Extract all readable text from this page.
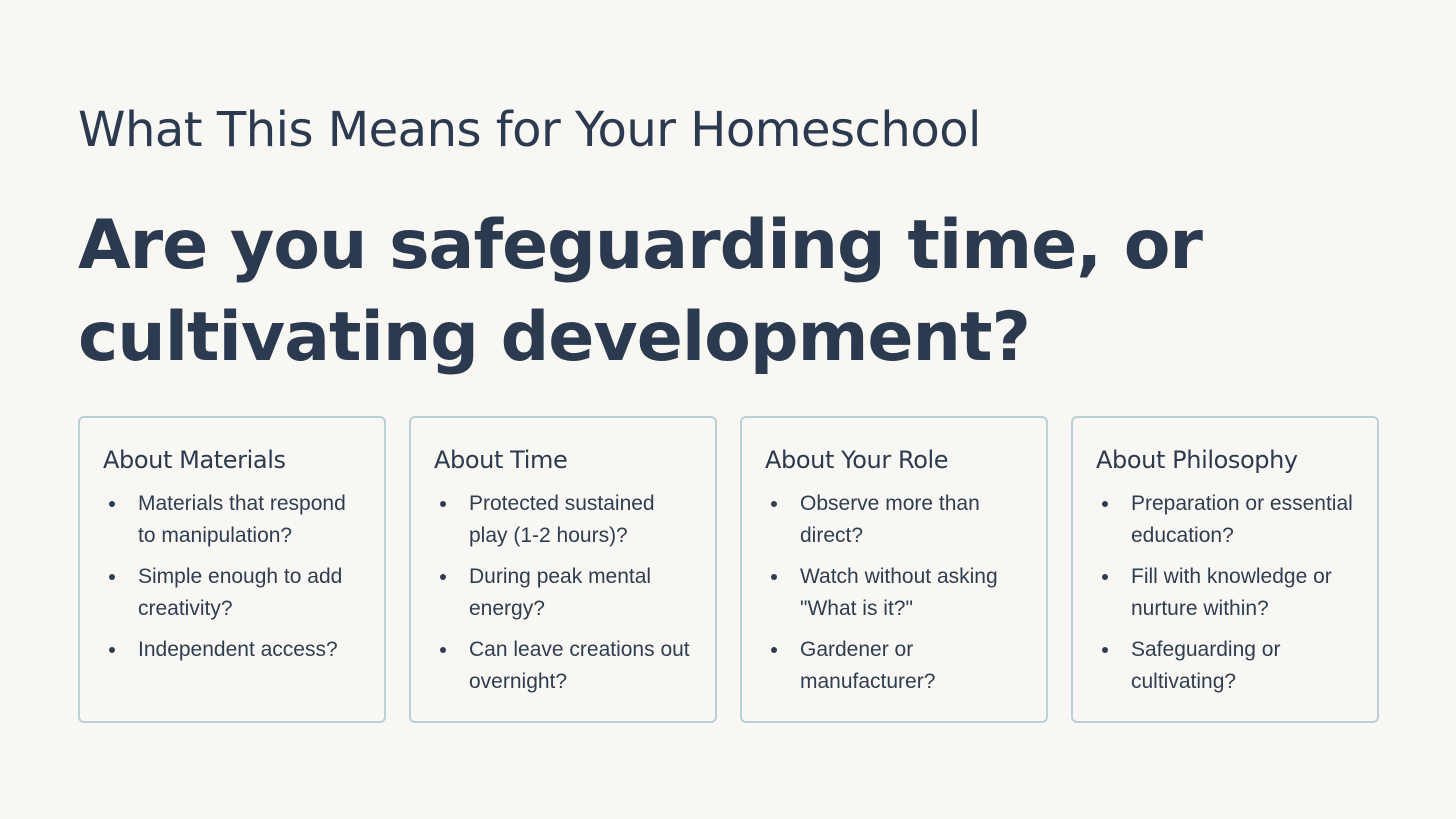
What This Means for Your Homeschool
Are you safeguarding time, or cultivating development?
About Materials
Materials that respond to manipulation?
Simple enough to add creativity?
Independent access?
About Time
Protected sustained play (1-2 hours)?
During peak mental energy?
Can leave creations out overnight?
About Your Role
Observe more than direct?
Watch without asking "What is it?"
Gardener or manufacturer?
About Philosophy
Preparation or essential education?
Fill with knowledge or nurture within?
Safeguarding or cultivating?
